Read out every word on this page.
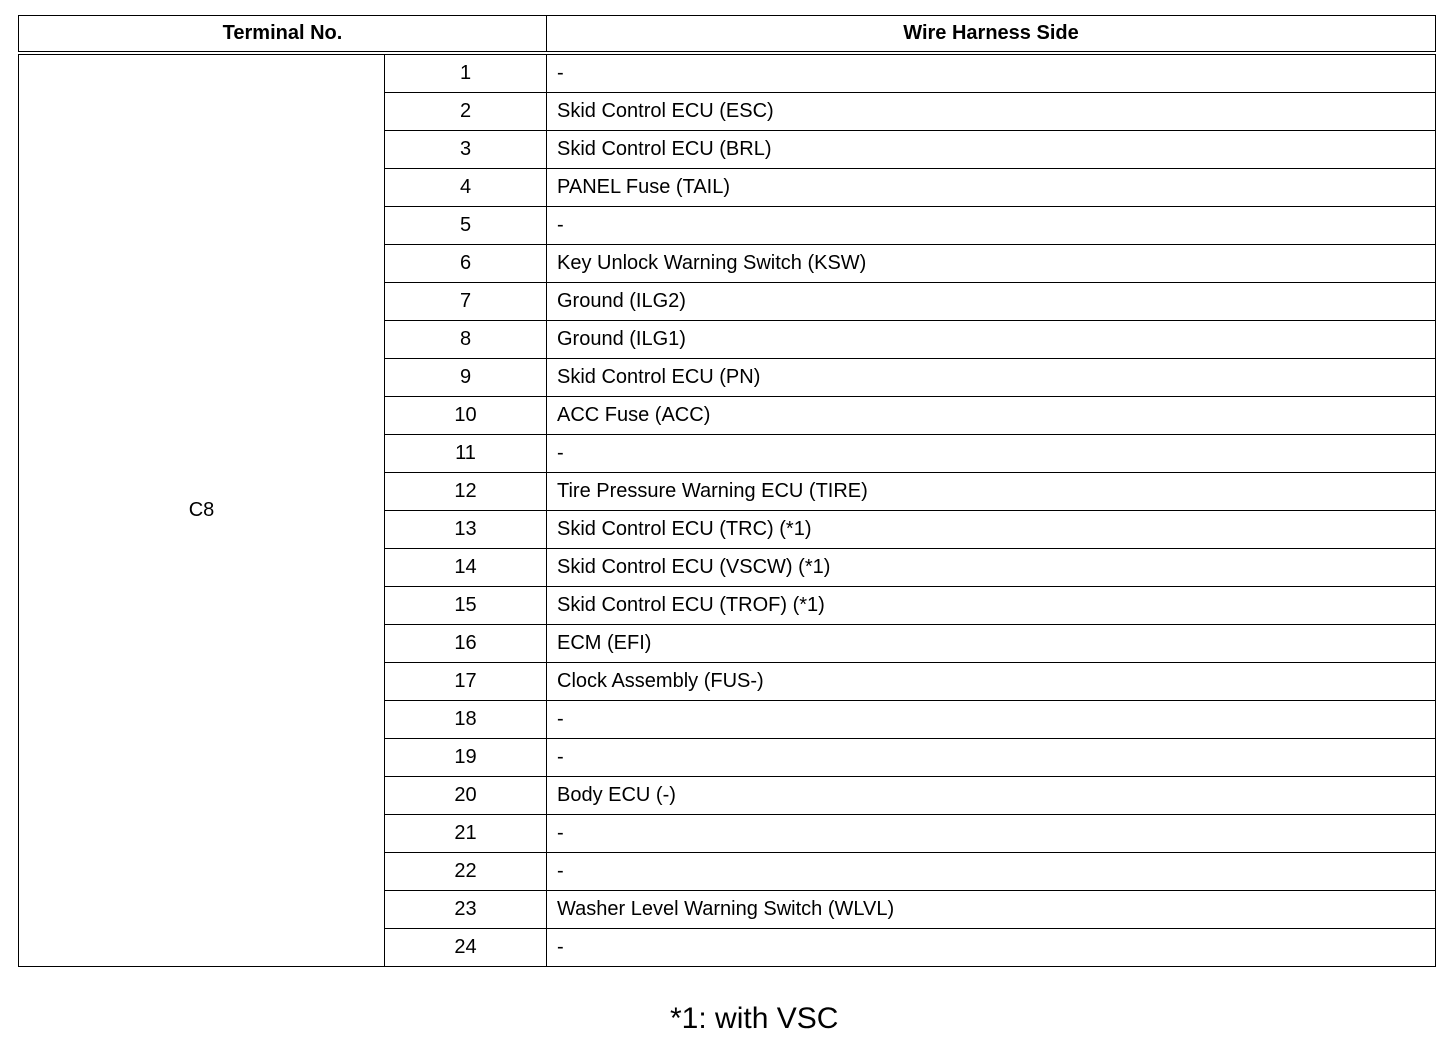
Terminal No.		Wire Harness Side
C8	1	-
	2	Skid Control ECU (ESC)
	3	Skid Control ECU (BRL)
	4	PANEL Fuse (TAIL)
	5	-
	6	Key Unlock Warning Switch (KSW)
	7	Ground (ILG2)
	8	Ground (ILG1)
	9	Skid Control ECU (PN)
	10	ACC Fuse (ACC)
	11	-
	12	Tire Pressure Warning ECU (TIRE)
	13	Skid Control ECU (TRC) (*1)
	14	Skid Control ECU (VSCW) (*1)
	15	Skid Control ECU (TROF) (*1)
	16	ECM (EFI)
	17	Clock Assembly (FUS-)
	18	-
	19	-
	20	Body ECU (-)
	21	-
	22	-
	23	Washer Level Warning Switch (WLVL)
	24	-
*1: with VSC
